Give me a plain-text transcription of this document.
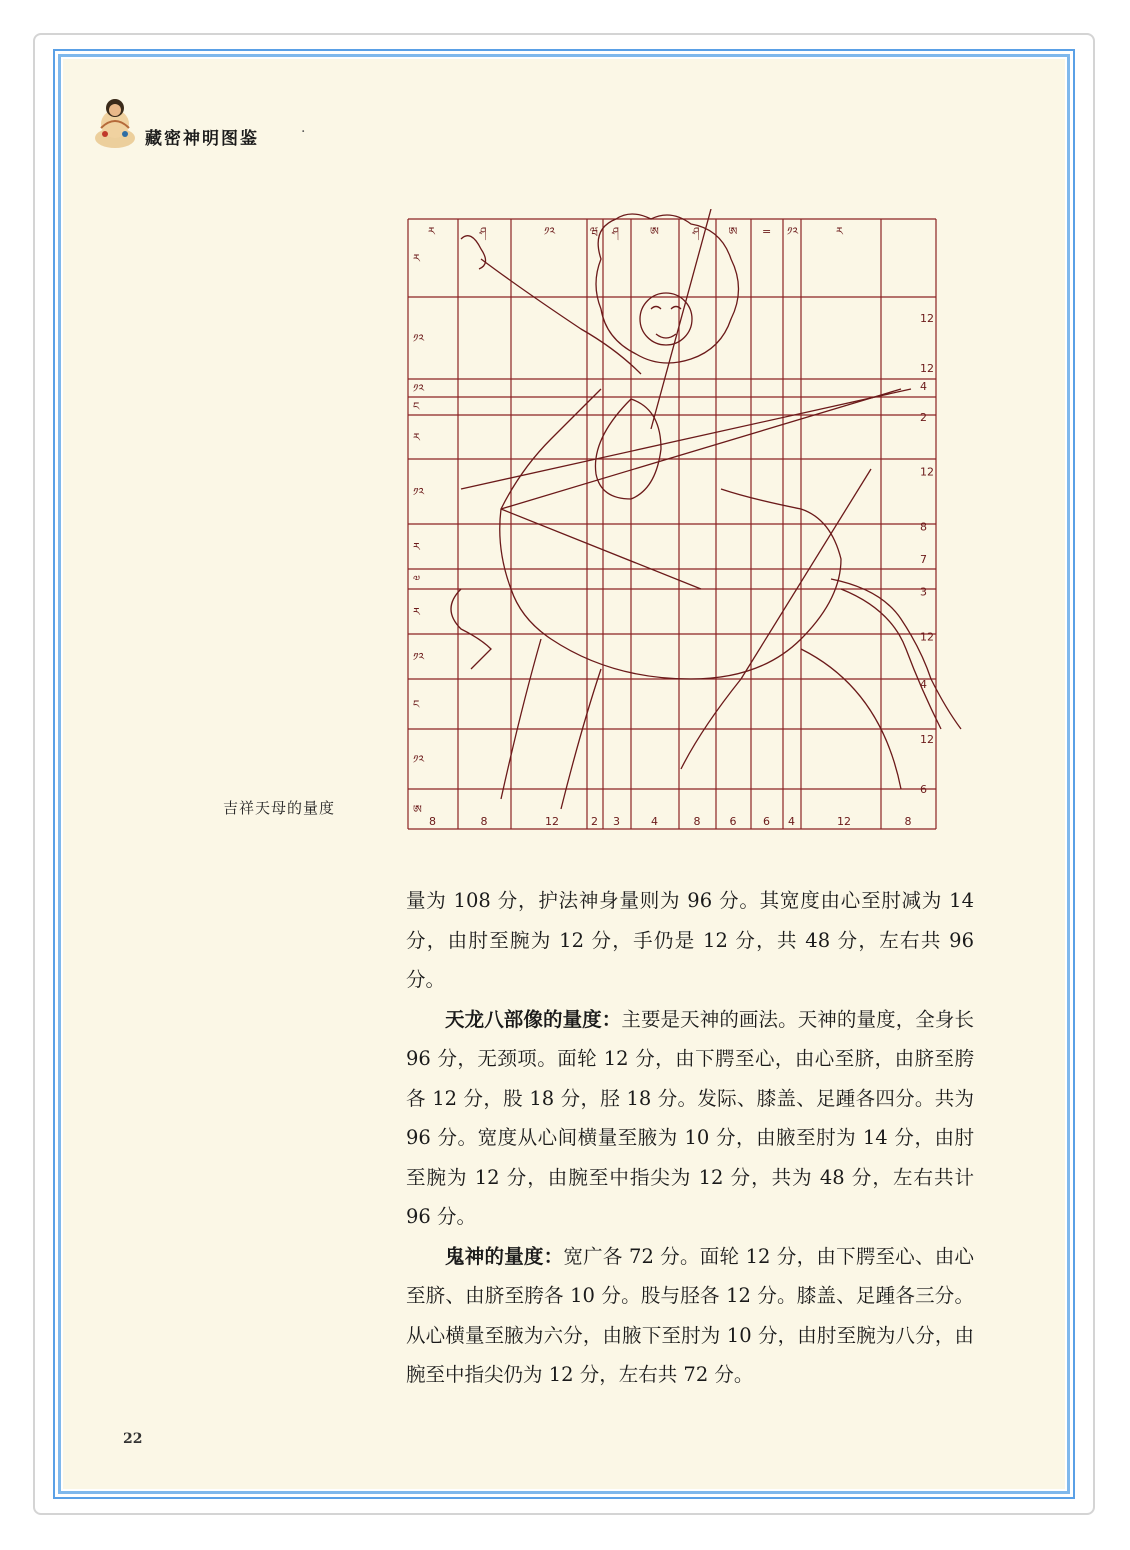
藏密神明图鉴	·
ར	ཤ	༡༢	ཝ ཤ	ཨ	ཤ	ཨ = ༡༢	ར
ར
༡༢
༡༢
ང
ར
༡༢
ར
༧
ར
༡༢
ང
༡༢
ཨ
12
12
4
2
12
8
7
3
12
4
12
6
8	8	12	2 3	4	8	6 6 4	12	8
吉祥天母的量度

量为 108 分，护法神身量则为 96 分。其宽度由心至肘减为 14 分，由肘至腕为 12 分，手仍是 12 分，共 48 分，左右共 96 分。

天龙八部像的量度：主要是天神的画法。天神的量度，全身长 96 分，无颈项。面轮 12 分，由下腭至心，由心至脐，由脐至胯各 12 分，股 18 分，胫 18 分。发际、膝盖、足踵各四分。共为 96 分。宽度从心间横量至腋为 10 分，由腋至肘为 14 分，由肘至腕为 12 分，由腕至中指尖为 12 分，共为 48 分，左右共计 96 分。

鬼神的量度：宽广各 72 分。面轮 12 分，由下腭至心、由心至脐、由脐至胯各 10 分。股与胫各 12 分。膝盖、足踵各三分。从心横量至腋为六分，由腋下至肘为 10 分，由肘至腕为八分，由腕至中指尖仍为 12 分，左右共 72 分。

22
